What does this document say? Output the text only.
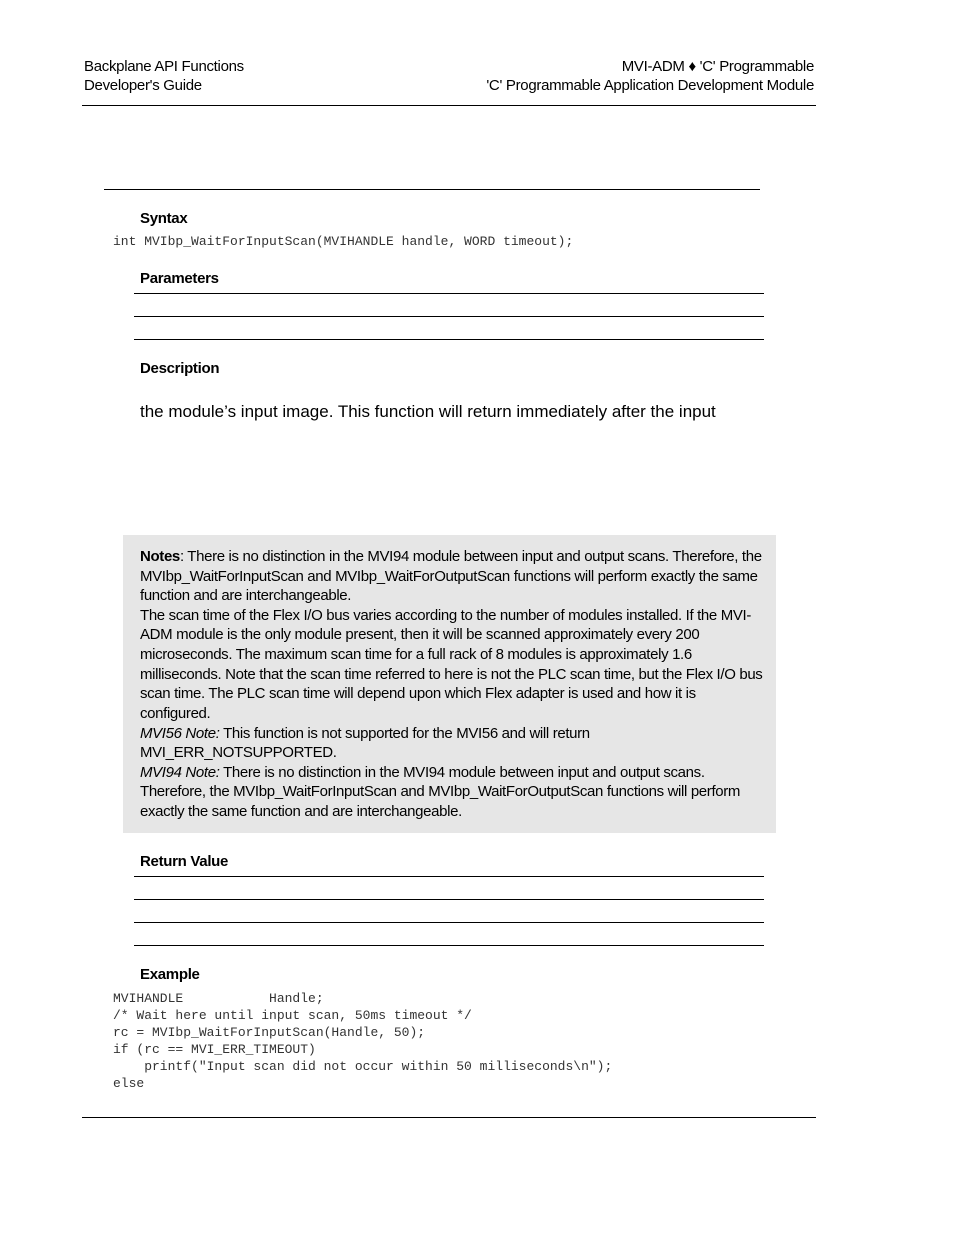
Backplane API Functions
Developer's Guide
MVI-ADM ♦ 'C' Programmable
'C' Programmable Application Development Module
Syntax
int MVIbp_WaitForInputScan(MVIHANDLE handle, WORD timeout);
Parameters
Description
the module’s input image. This function will return immediately after the input
Notes: There is no distinction in the MVI94 module between input and output scans. Therefore, the
MVIbp_WaitForInputScan and MVIbp_WaitForOutputScan functions will perform exactly the same
function and are interchangeable.
The scan time of the Flex I/O bus varies according to the number of modules installed. If the MVI-
ADM module is the only module present, then it will be scanned approximately every 200
microseconds. The maximum scan time for a full rack of 8 modules is approximately 1.6
milliseconds. Note that the scan time referred to here is not the PLC scan time, but the Flex I/O bus
scan time. The PLC scan time will depend upon which Flex adapter is used and how it is
configured.
MVI56 Note: This function is not supported for the MVI56 and will return
MVI_ERR_NOTSUPPORTED.
MVI94 Note: There is no distinction in the MVI94 module between input and output scans.
Therefore, the MVIbp_WaitForInputScan and MVIbp_WaitForOutputScan functions will perform
exactly the same function and are interchangeable.
Return Value
Example
MVIHANDLE           Handle;
/* Wait here until input scan, 50ms timeout */
rc = MVIbp_WaitForInputScan(Handle, 50);
if (rc == MVI_ERR_TIMEOUT)
printf("Input scan did not occur within 50 milliseconds\n");
else
